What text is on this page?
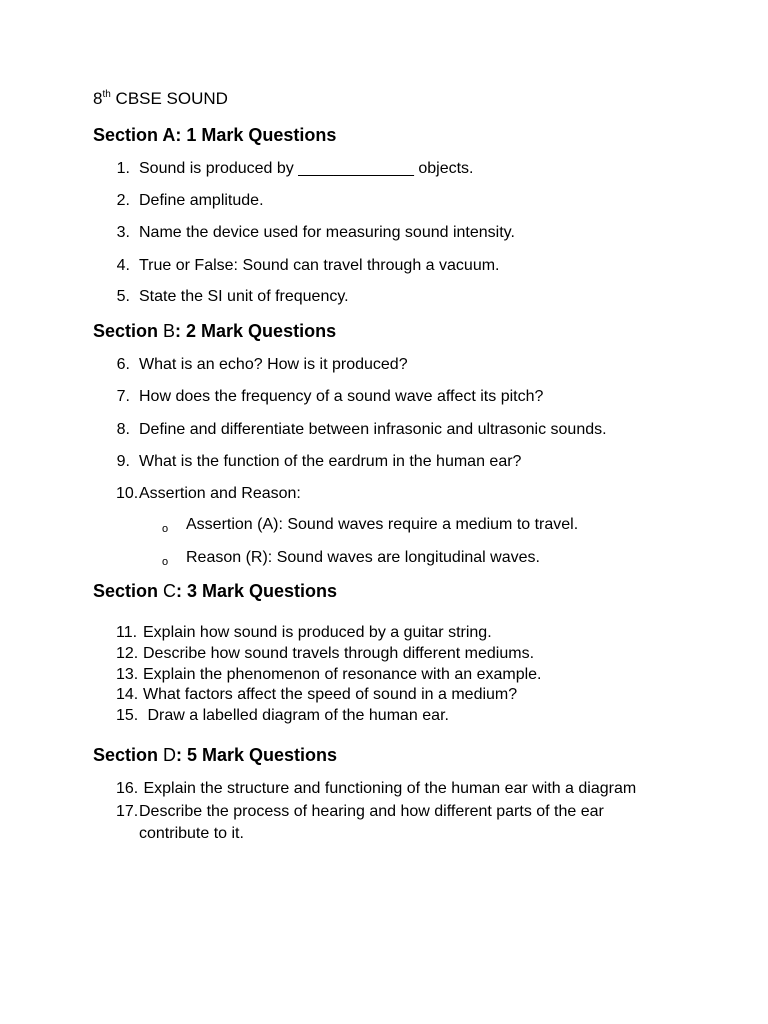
8th CBSE SOUND
Section A: 1 Mark Questions
1. Sound is produced by _____________ objects.
2. Define amplitude.
3. Name the device used for measuring sound intensity.
4. True or False: Sound can travel through a vacuum.
5. State the SI unit of frequency.
Section B: 2 Mark Questions
6. What is an echo? How is it produced?
7. How does the frequency of a sound wave affect its pitch?
8. Define and differentiate between infrasonic and ultrasonic sounds.
9. What is the function of the eardrum in the human ear?
10. Assertion and Reason:
o Assertion (A): Sound waves require a medium to travel.
o Reason (R): Sound waves are longitudinal waves.
Section C: 3 Mark Questions
11. Explain how sound is produced by a guitar string.
12. Describe how sound travels through different mediums.
13. Explain the phenomenon of resonance with an example.
14. What factors affect the speed of sound in a medium?
15. Draw a labelled diagram of the human ear.
Section D: 5 Mark Questions
16. Explain the structure and functioning of the human ear with a diagram
17. Describe the process of hearing and how different parts of the ear
contribute to it.
